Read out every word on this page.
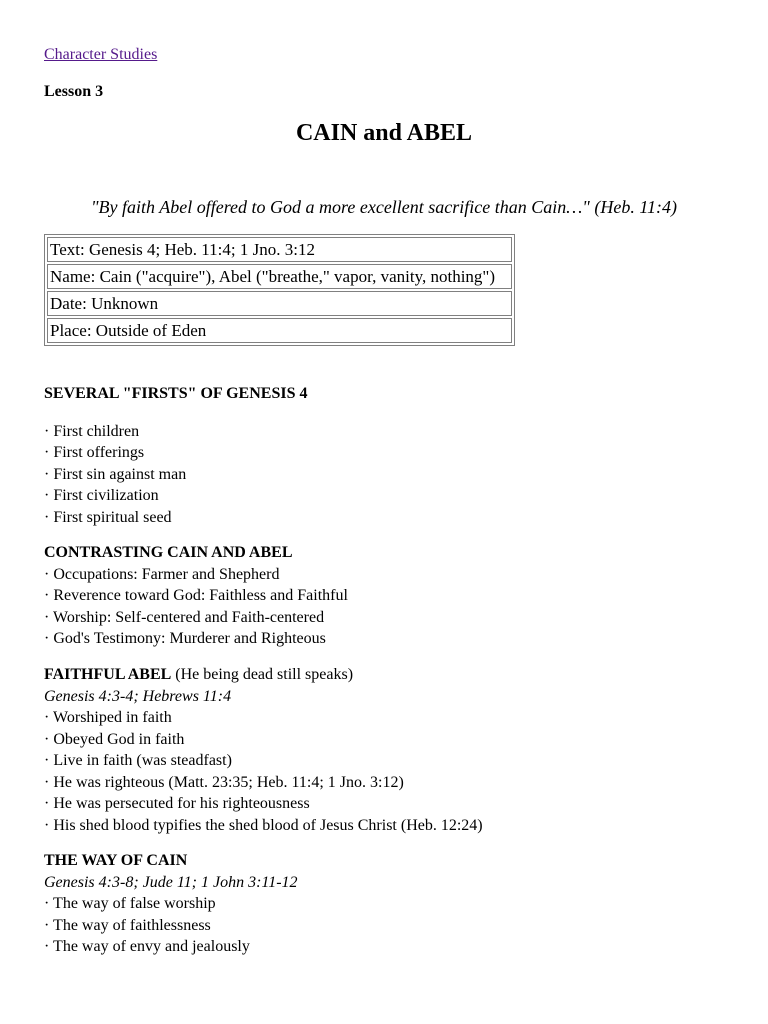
Character Studies
Lesson 3
CAIN and ABEL
"By faith Abel offered to God a more excellent sacrifice than Cain…" (Heb. 11:4)
Text: Genesis 4; Heb. 11:4; 1 Jno. 3:12
Name: Cain ("acquire"), Abel ("breathe," vapor, vanity, nothing")
Date: Unknown
Place: Outside of Eden
SEVERAL "FIRSTS" OF GENESIS 4
· First children
· First offerings
· First sin against man
· First civilization
· First spiritual seed
CONTRASTING CAIN AND ABEL
· Occupations: Farmer and Shepherd
· Reverence toward God: Faithless and Faithful
· Worship: Self-centered and Faith-centered
· God's Testimony: Murderer and Righteous
FAITHFUL ABEL (He being dead still speaks)
Genesis 4:3-4; Hebrews 11:4
· Worshiped in faith
· Obeyed God in faith
· Live in faith (was steadfast)
· He was righteous (Matt. 23:35; Heb. 11:4; 1 Jno. 3:12)
· He was persecuted for his righteousness
· His shed blood typifies the shed blood of Jesus Christ (Heb. 12:24)
THE WAY OF CAIN
Genesis 4:3-8; Jude 11; 1 John 3:11-12
· The way of false worship
· The way of faithlessness
· The way of envy and jealously
